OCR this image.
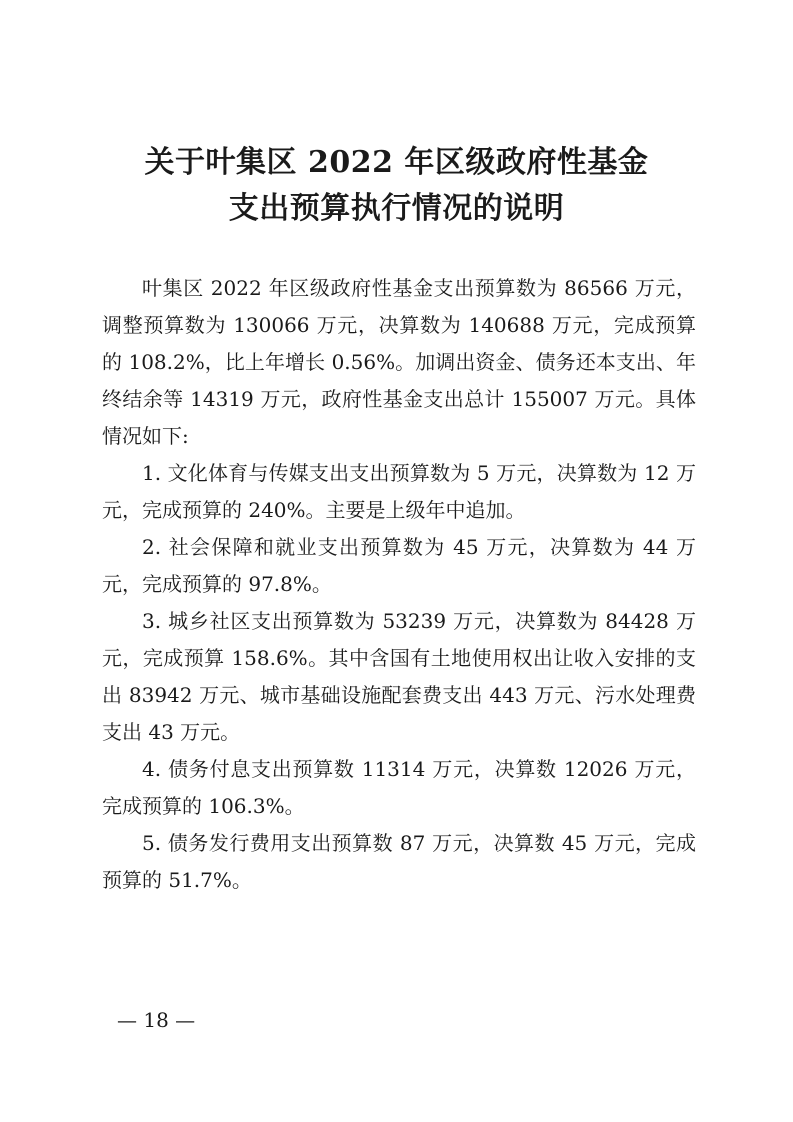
关于叶集区 2022 年区级政府性基金
支出预算执行情况的说明

叶集区 2022 年区级政府性基金支出预算数为 86566 万元，调整预算数为 130066 万元，决算数为 140688 万元，完成预算的 108.2%，比上年增长 0.56%。加调出资金、债务还本支出、年终结余等 14319 万元，政府性基金支出总计 155007 万元。具体情况如下:

1. 文化体育与传媒支出支出预算数为 5 万元，决算数为 12 万元，完成预算的 240%。主要是上级年中追加。

2. 社会保障和就业支出预算数为 45 万元，决算数为 44 万元，完成预算的 97.8%。

3. 城乡社区支出预算数为 53239 万元，决算数为 84428 万元，完成预算 158.6%。其中含国有土地使用权出让收入安排的支出 83942 万元、城市基础设施配套费支出 443 万元、污水处理费支出 43 万元。

4. 债务付息支出预算数 11314 万元，决算数 12026 万元，完成预算的 106.3%。

5. 债务发行费用支出预算数 87 万元，决算数 45 万元，完成预算的 51.7%。

— 18 —
